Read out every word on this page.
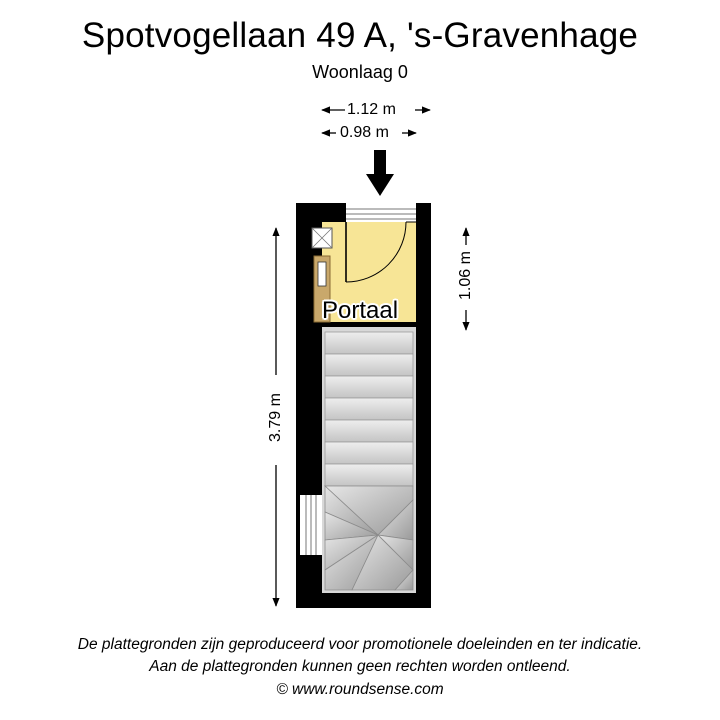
Spotvogellaan 49 A, 's-Gravenhage
Woonlaag 0
1.12 m
0.98 m
3.79 m
1.06 m
Portaal
De plattegronden zijn geproduceerd voor promotionele doeleinden en ter indicatie.
Aan de plattegronden kunnen geen rechten worden ontleend.
© www.roundsense.com
